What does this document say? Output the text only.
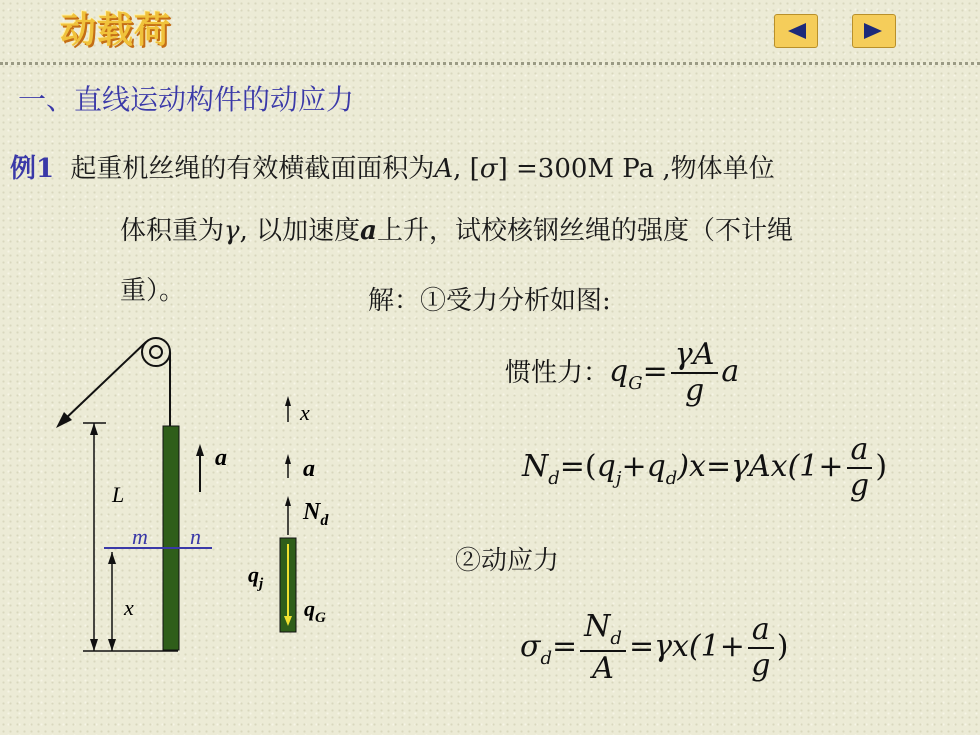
动载荷
一、直线运动构件的动应力
例1 起重机丝绳的有效横截面面积为A, [σ] =300M Pa ,物体单位
体积重为γ, 以加速度a上升，试校核钢丝绳的强度（不计绳
重）。	解：①受力分析如图:
惯性力：$q_G= \frac{\gamma A}{g}$ a
$N_d=(q_j+q_d)x=\gamma Ax(1+ \frac{a}{g}$ )
②动应力
$\sigma_d= \frac{N_d}{A} =\gamma x(1+ \frac{a}{g}$ )
L
m n
x
a
x
a
$N_d$
$q_j$
$q_G$
